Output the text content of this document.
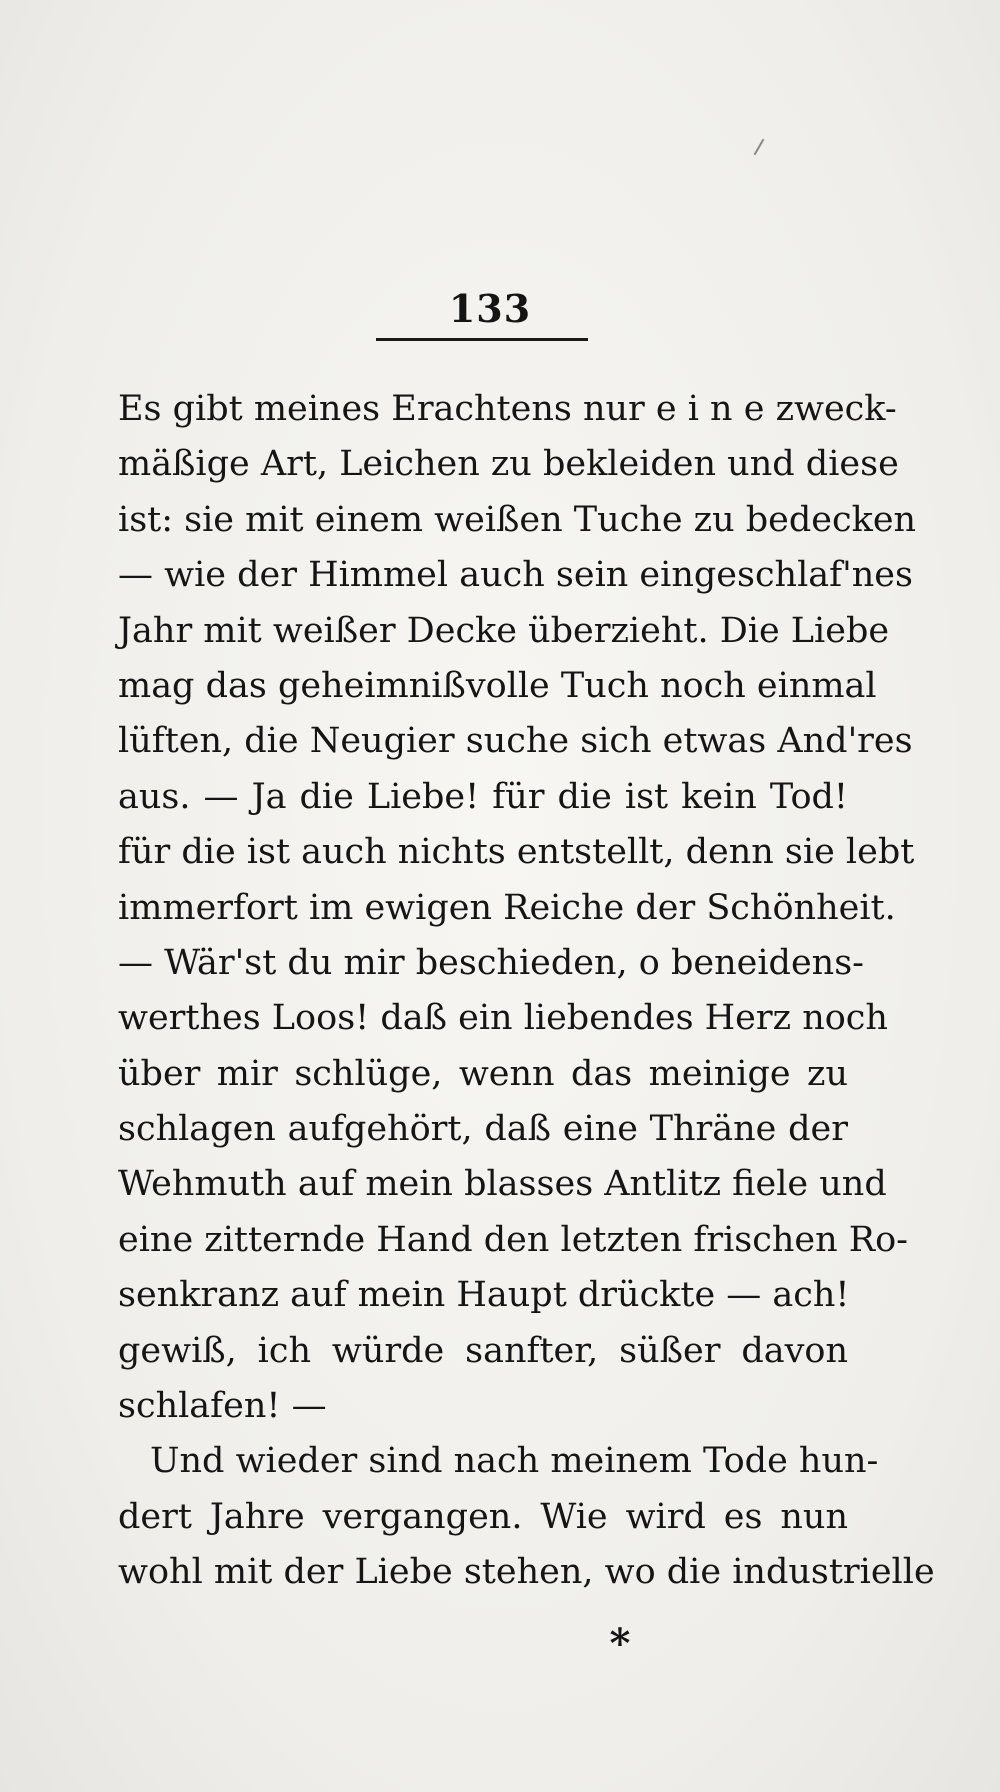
133
Es gibt meines Erachtens nur e i n e zweck-
mäßige Art, Leichen zu bekleiden und diese
ist: sie mit einem weißen Tuche zu bedecken
— wie der Himmel auch sein eingeschlaf'nes
Jahr mit weißer Decke überzieht. Die Liebe
mag das geheimnißvolle Tuch noch einmal
lüften, die Neugier suche sich etwas And'res
aus. — Ja die Liebe! für die ist kein Tod!
für die ist auch nichts entstellt, denn sie lebt
immerfort im ewigen Reiche der Schönheit.
— Wär'st du mir beschieden, o beneidens-
werthes Loos! daß ein liebendes Herz noch
über mir schlüge, wenn das meinige zu
schlagen aufgehört, daß eine Thräne der
Wehmuth auf mein blasses Antlitz fiele und
eine zitternde Hand den letzten frischen Ro-
senkranz auf mein Haupt drückte — ach!
gewiß, ich würde sanfter, süßer davon
schlafen! —
Und wieder sind nach meinem Tode hun-
dert Jahre vergangen. Wie wird es nun
wohl mit der Liebe stehen, wo die industrielle
*
